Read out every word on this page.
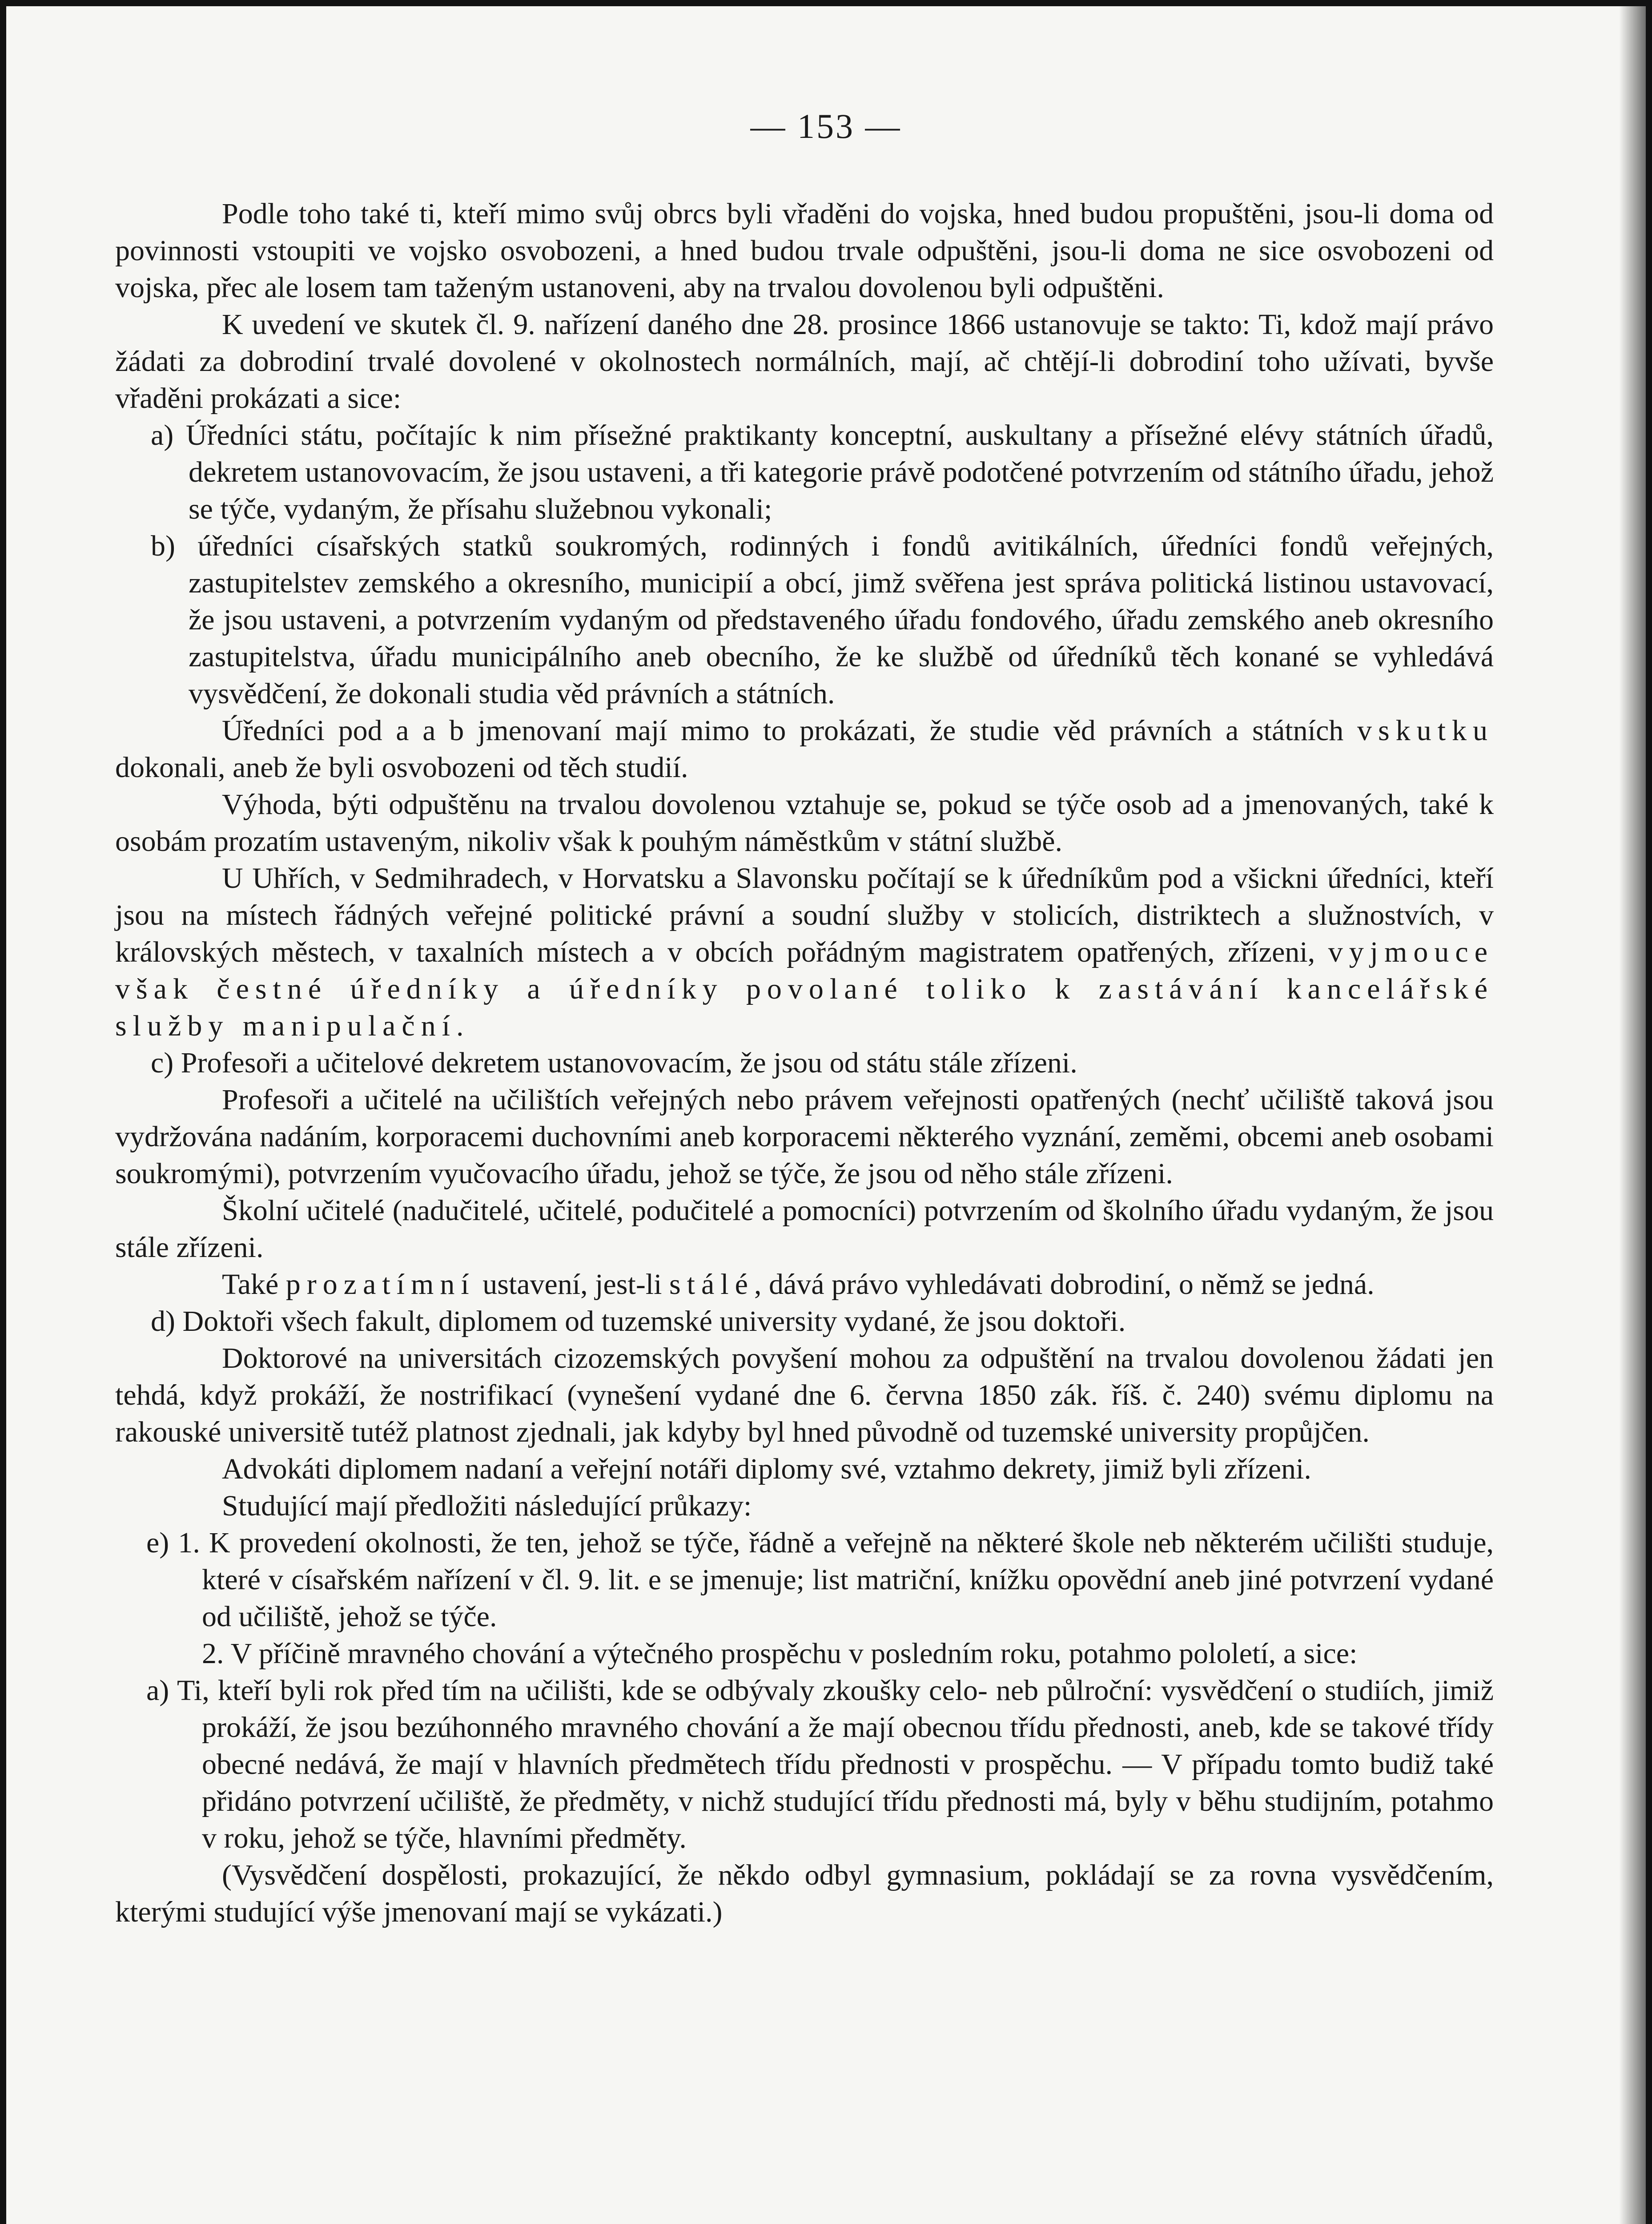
— 153 —

Podle toho také ti, kteří mimo svůj obrcs byli vřaděni do vojska, hned budou propuštěni, jsou-li doma od povinnosti vstoupiti ve vojsko osvobozeni, a hned budou trvale odpuštěni, jsou-li doma ne sice osvobozeni od vojska, přec ale losem tam taženým ustanoveni, aby na trvalou dovolenou byli odpuštěni.

K uvedení ve skutek čl. 9. nařízení daného dne 28. prosince 1866 ustanovuje se takto: Ti, kdož mají právo žádati za dobrodiní trvalé dovolené v okolnostech normálních, mají, ač chtějí-li dobrodiní toho užívati, byvše vřaděni prokázati a sice:

a) Úředníci státu, počítajíc k nim přísežné praktikanty konceptní, auskultany a přísežné elévy státních úřadů, dekretem ustanovovacím, že jsou ustaveni, a tři kategorie právě podotčené potvrzením od státního úřadu, jehož se týče, vydaným, že přísahu služebnou vykonali;

b) úředníci císařských statků soukromých, rodinných i fondů avitikálních, úředníci fondů veřejných, zastupitelstev zemského a okresního, municipií a obcí, jimž svěřena jest správa politická listinou ustavovací, že jsou ustaveni, a potvrzením vydaným od představeného úřadu fondového, úřadu zemského aneb okresního zastupitelstva, úřadu municipálního aneb obecního, že ke službě od úředníků těch konané se vyhledává vysvědčení, že dokonali studia věd právních a státních.

Úředníci pod a a b jmenovaní mají mimo to prokázati, že studie věd právních a státních vskutku dokonali, aneb že byli osvobozeni od těch studií.

Výhoda, býti odpuštěnu na trvalou dovolenou vztahuje se, pokud se týče osob ad a jmenovaných, také k osobám prozatím ustaveným, nikoliv však k pouhým náměstkům v státní službě.

U Uhřích, v Sedmihradech, v Horvatsku a Slavonsku počítají se k úředníkům pod a všickni úředníci, kteří jsou na místech řádných veřejné politické právní a soudní služby v stolicích, distriktech a služnostvích, v královských městech, v taxalních místech a v obcích pořádným magistratem opatřených, zřízeni, vyjmouce však čestné úředníky a úředníky povolané toliko k zastávání kancelářské služby manipulační.

c) Profesoři a učitelové dekretem ustanovovacím, že jsou od státu stále zřízeni.

Profesoři a učitelé na učilištích veřejných nebo právem veřejnosti opatřených (nechť učiliště taková jsou vydržována nadáním, korporacemi duchovními aneb korporacemi některého vyznání, zeměmi, obcemi aneb osobami soukromými), potvrzením vyučovacího úřadu, jehož se týče, že jsou od něho stále zřízeni.

Školní učitelé (nadučitelé, učitelé, podučitelé a pomocníci) potvrzením od školního úřadu vydaným, že jsou stále zřízeni.

Také prozatímní ustavení, jest-li stálé, dává právo vyhledávati dobrodiní, o němž se jedná.

d) Doktoři všech fakult, diplomem od tuzemské university vydané, že jsou doktoři.

Doktorové na universitách cizozemských povyšení mohou za odpuštění na trvalou dovolenou žádati jen tehdá, když prokáží, že nostrifikací (vynešení vydané dne 6. června 1850 zák. říš. č. 240) svému diplomu na rakouské universitě tutéž platnost zjednali, jak kdyby byl hned původně od tuzemské university propůjčen.

Advokáti diplomem nadaní a veřejní notáři diplomy své, vztahmo dekrety, jimiž byli zřízeni.

Studující mají předložiti následující průkazy:

e) 1. K provedení okolnosti, že ten, jehož se týče, řádně a veřejně na některé škole neb některém učilišti studuje, které v císařském nařízení v čl. 9. lit. e se jmenuje; list matriční, knížku opovědní aneb jiné potvrzení vydané od učiliště, jehož se týče.

2. V příčině mravného chování a výtečného prospěchu v posledním roku, potahmo pololetí, a sice:

a) Ti, kteří byli rok před tím na učilišti, kde se odbývaly zkoušky celo- neb půlroční: vysvědčení o studiích, jimiž prokáží, že jsou bezúhonného mravného chování a že mají obecnou třídu přednosti, aneb, kde se takové třídy obecné nedává, že mají v hlavních předmětech třídu přednosti v prospěchu. — V případu tomto budiž také přidáno potvrzení učiliště, že předměty, v nichž studující třídu přednosti má, byly v běhu studijním, potahmo v roku, jehož se týče, hlavními předměty.

(Vysvědčení dospělosti, prokazující, že někdo odbyl gymnasium, pokládají se za rovna vysvědčením, kterými studující výše jmenovaní mají se vykázati.)
